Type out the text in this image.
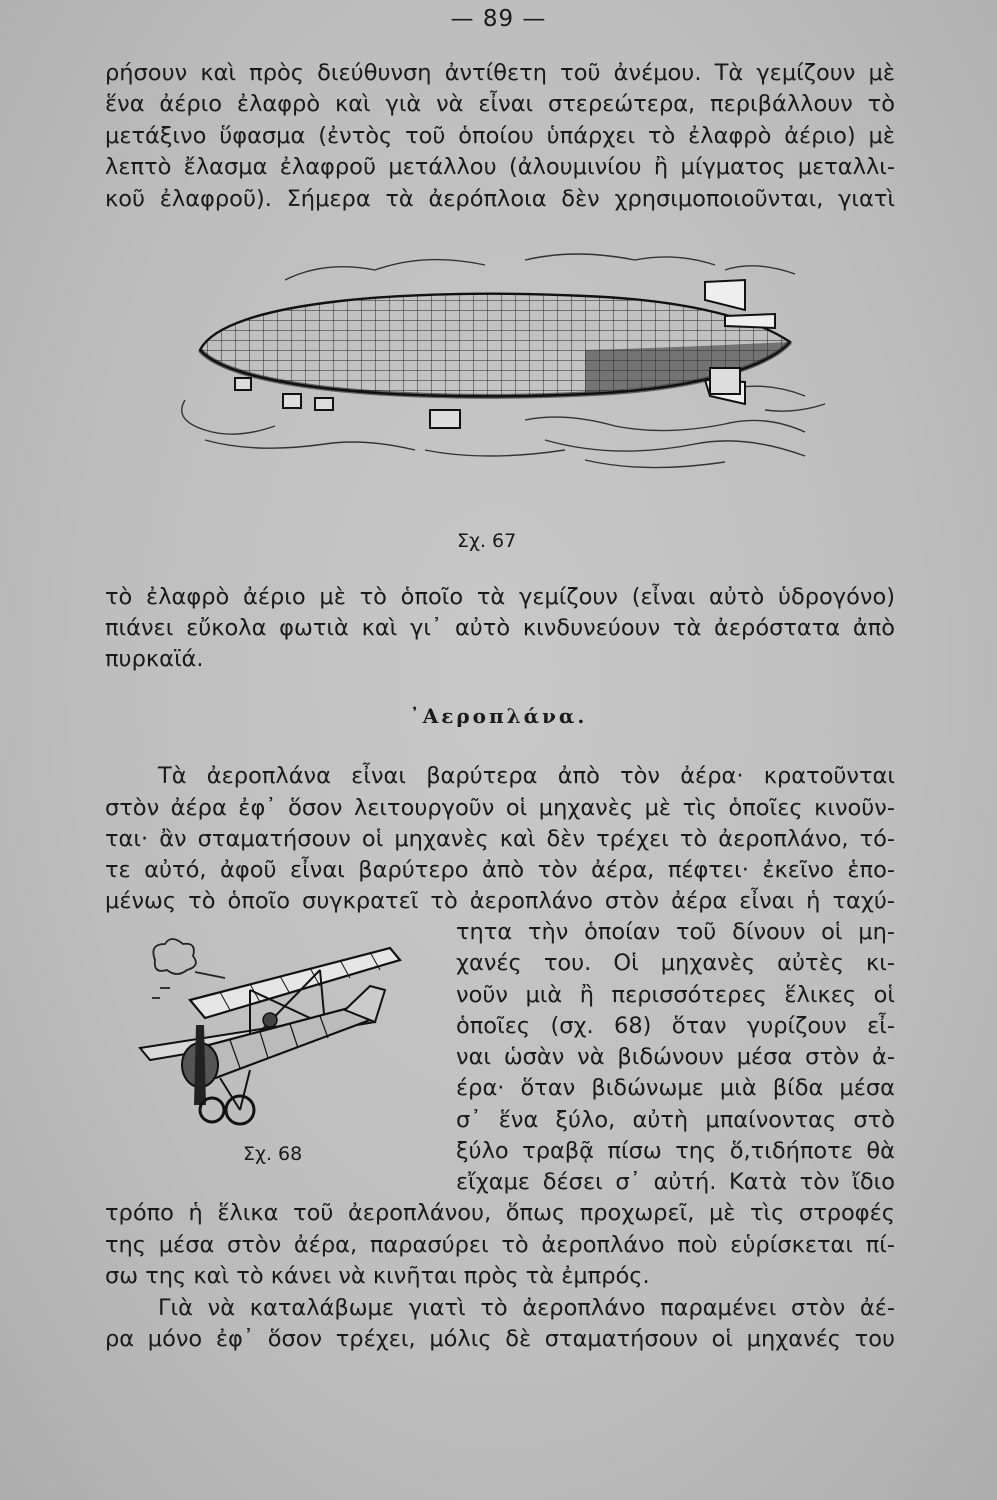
— 89 —
ρήσουν καὶ πρὸς διεύθυνση ἀντίθετη τοῦ ἀνέμου. Τὰ γεμίζουν μὲ
ἕνα ἀέριο ἐλαφρὸ καὶ γιὰ νὰ εἶναι στερεώτερα, περιβάλλουν τὸ
μετάξινο ὕφασμα (ἐντὸς τοῦ ὁποίου ὑπάρχει τὸ ἐλαφρὸ ἀέριο) μὲ
λεπτὸ ἔλασμα ἐλαφροῦ μετάλλου (ἀλουμινίου ἢ μίγματος μεταλλι-
κοῦ ἐλαφροῦ). Σήμερα τὰ ἀερόπλοια δὲν χρησιμοποιοῦνται, γιατὶ
Σχ. 67
τὸ ἐλαφρὸ ἀέριο μὲ τὸ ὁποῖο τὰ γεμίζουν (εἶναι αὐτὸ ὑδρογόνο)
πιάνει εὔκολα φωτιὰ καὶ γι᾽ αὐτὸ κινδυνεύουν τὰ ἀερόστατα ἀπὸ
πυρκαϊά.
᾿Αεροπλάνα.
Τὰ ἀεροπλάνα εἶναι βαρύτερα ἀπὸ τὸν ἀέρα· κρατοῦνται
στὸν ἀέρα ἐφ᾽ ὅσον λειτουργοῦν οἱ μηχανὲς μὲ τὶς ὁποῖες κινοῦν-
ται· ἂν σταματήσουν οἱ μηχανὲς καὶ δὲν τρέχει τὸ ἀεροπλάνο, τό-
τε αὐτό, ἀφοῦ εἶναι βαρύτερο ἀπὸ τὸν ἀέρα, πέφτει· ἐκεῖνο ἑπο-
μένως τὸ ὁποῖο συγκρατεῖ τὸ ἀεροπλάνο στὸν ἀέρα εἶναι ἡ ταχύ-
τητα τὴν ὁποίαν τοῦ δίνουν οἱ μη-
χανές του. Οἱ μηχανὲς αὐτὲς κι-
νοῦν μιὰ ἢ περισσότερες ἕλικες οἱ
ὁποῖες (σχ. 68) ὅταν γυρίζουν εἶ-
ναι ὡσὰν νὰ βιδώνουν μέσα στὸν ἀ-
έρα· ὅταν βιδώνωμε μιὰ βίδα μέσα
σ᾽ ἕνα ξύλο, αὐτὴ μπαίνοντας στὸ
ξύλο τραβᾷ πίσω της ὅ,τιδήποτε θὰ
εἴχαμε δέσει σ᾽ αὐτή. Κατὰ τὸν ἴδιο
Σχ. 68
τρόπο ἡ ἕλικα τοῦ ἀεροπλάνου, ὅπως προχωρεῖ, μὲ τὶς στροφές
της μέσα στὸν ἀέρα, παρασύρει τὸ ἀεροπλάνο ποὺ εὑρίσκεται πί-
σω της καὶ τὸ κάνει νὰ κινῆται πρὸς τὰ ἐμπρός.
Γιὰ νὰ καταλάβωμε γιατὶ τὸ ἀεροπλάνο παραμένει στὸν ἀέ-
ρα μόνο ἐφ᾽ ὅσον τρέχει, μόλις δὲ σταματήσουν οἱ μηχανές του
